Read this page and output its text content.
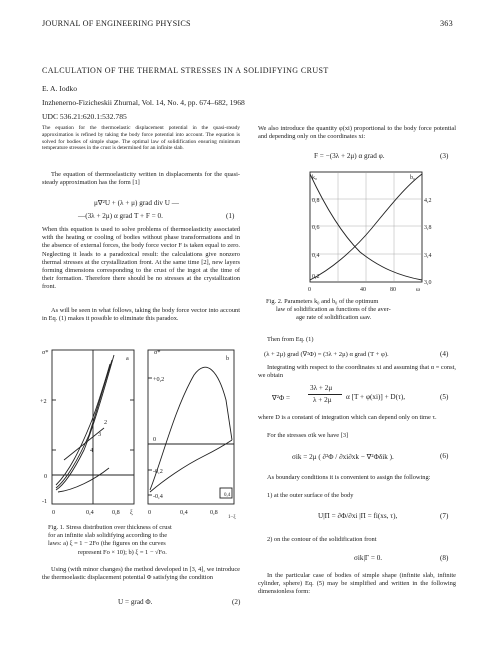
JOURNAL OF ENGINEERING PHYSICS	363
CALCULATION OF THE THERMAL STRESSES IN A SOLIDIFYING CRUST
E. A. Iodko
Inzhenerno-Fizicheskii Zhurnal, Vol. 14, No. 4, pp. 674–682, 1968
UDC 536.21:620.1:532.785
The equation for the thermoelastic displacement potential in the quasi-steady approximation is refined by taking the body force potential into account. The equation is solved for bodies of simple shape. The optimal law of solidification ensuring minimum temperature stresses in the crust is determined for an infinite slab.
The equation of thermoelasticity written in displacements for the quasi-steady approximation has the form [1]
μ∇²U + (λ + μ) grad div U —
—(3λ + 2μ) α grad T + F = 0.	(1)
When this equation is used to solve problems of thermoelasticity associated with the heating or cooling of bodies without phase transformations and in the absence of external forces, the body force vector F is taken equal to zero. Neglecting it leads to a paradoxical result: the calculations give nonzero thermal stresses at the crystallization front. At the same time [2], new layers forming dimensions corresponding to the crust of the ingot at the time of their formation. Therefore there should be no stresses at the crystallization front.
As will be seen in what follows, taking the body force vector into account in Eq. (1) makes it possible to eliminate this paradox.
σ*
+2
0
-1
0	0,4	0,8 ξ
2
3
4
a	b
σ*
+0,2
0
-0,2
-0,4
0	0,4	0,8
0,4
1−ξ
Fig. 1. Stress distribution over thickness of crust
for an infinite slab solidifying according to the
laws: a) ξ = 1 − 2Fo (the figures on the curves
represent Fo × 10); b) ξ = 1 − √Fo.
Using (with minor changes) the method developed in [3, 4], we introduce the thermoelastic displacement potential Φ satisfying the condition
U = grad Φ.	(2)
We also introduce the quantity φ(xi) proportional to the body force potential and depending only on the coordinates xi:
F = −(3λ + 2μ) α grad φ.	(3)
k₀
0,8
0,6
0,4
0,2
b₀
4,2
3,8
3,4
3,0
0	40	80	ω
Fig. 2. Parameters k₀ and b₀ of the optimum
law of solidification as functions of the aver-
age rate of solidification ωav.
Then from Eq. (1)
(λ + 2μ) grad (∇²Φ) = (3λ + 2μ) α grad (T + φ).	(4)
Integrating with respect to the coordinates xi and assuming that α = const, we obtain
∇²Φ =
3λ + 2μ
λ + 2μ α [T + φ(xi)] + D(τ),	(5)
where D is a constant of integration which can depend only on time τ.
For the stresses σik we have [3]
σik = 2μ ( ∂²Φ / ∂xi∂xk − ∇²Φδik ).	(6)
As boundary conditions it is convenient to assign the following:
1) at the outer surface of the body
U|Π = ∂Φ/∂xi |Π = fi(xs, τ),	(7)
2) on the contour of the solidification front
σik|Γ = 0.	(8)
In the particular case of bodies of simple shape (infinite slab, infinite cylinder, sphere) Eq. (5) may be simplified and written in the following dimensionless form:
